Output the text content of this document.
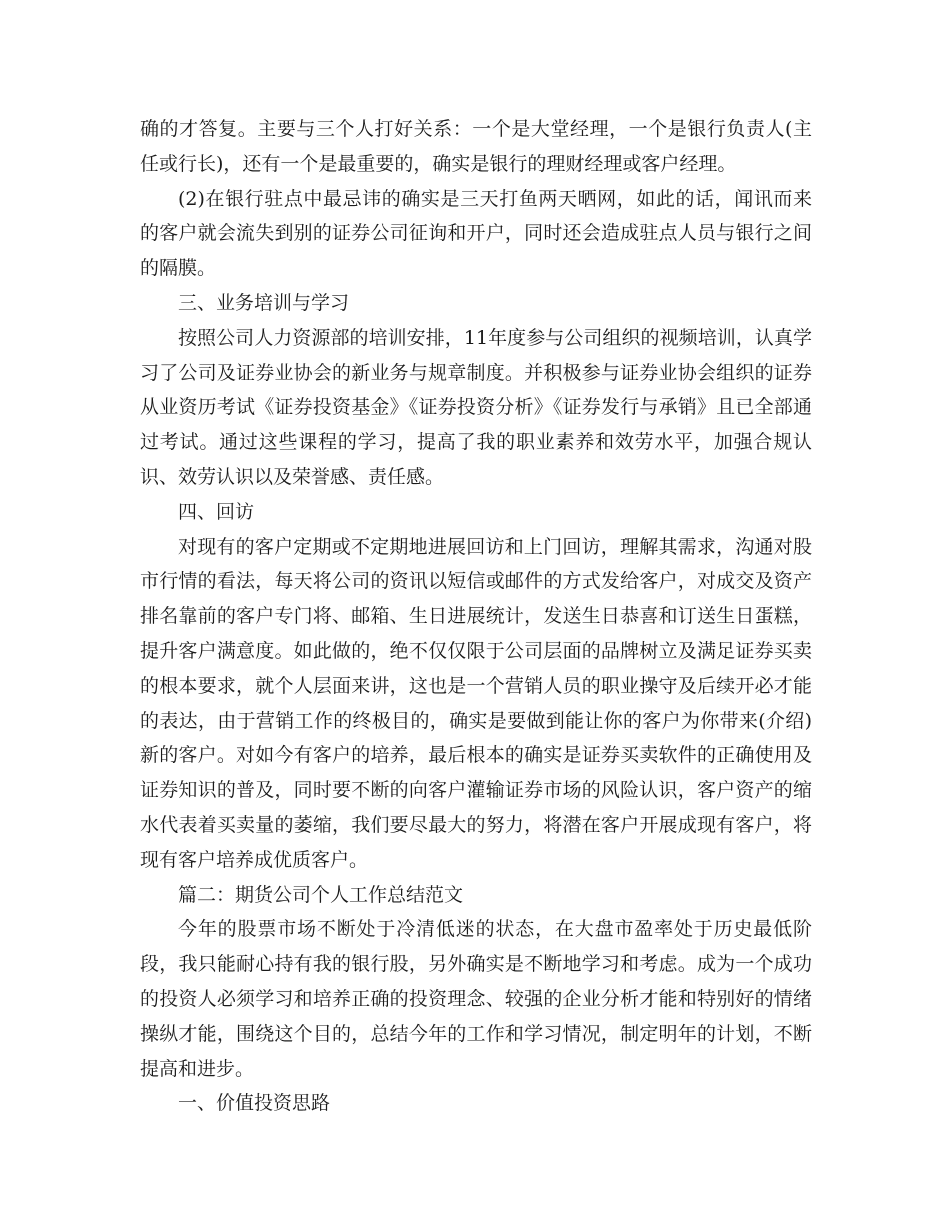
确的才答复。主要与三个人打好关系：一个是大堂经理，一个是银行负责人(主任或行长)，还有一个是最重要的，确实是银行的理财经理或客户经理。

(2)在银行驻点中最忌讳的确实是三天打鱼两天晒网，如此的话，闻讯而来的客户就会流失到别的证券公司征询和开户，同时还会造成驻点人员与银行之间的隔膜。

三、业务培训与学习

按照公司人力资源部的培训安排，11年度参与公司组织的视频培训，认真学习了公司及证券业协会的新业务与规章制度。并积极参与证券业协会组织的证券从业资历考试《证券投资基金》《证券投资分析》《证券发行与承销》且已全部通过考试。通过这些课程的学习，提高了我的职业素养和效劳水平，加强合规认识、效劳认识以及荣誉感、责任感。

四、回访

对现有的客户定期或不定期地进展回访和上门回访，理解其需求，沟通对股市行情的看法，每天将公司的资讯以短信或邮件的方式发给客户，对成交及资产排名靠前的客户专门将、邮箱、生日进展统计，发送生日恭喜和订送生日蛋糕，提升客户满意度。如此做的，绝不仅仅限于公司层面的品牌树立及满足证券买卖的根本要求，就个人层面来讲，这也是一个营销人员的职业操守及后续开必才能的表达，由于营销工作的终极目的，确实是要做到能让你的客户为你带来(介绍)新的客户。对如今有客户的培养，最后根本的确实是证券买卖软件的正确使用及证券知识的普及，同时要不断的向客户灌输证券市场的风险认识，客户资产的缩水代表着买卖量的萎缩，我们要尽最大的努力，将潜在客户开展成现有客户，将现有客户培养成优质客户。

篇二：期货公司个人工作总结范文

今年的股票市场不断处于冷清低迷的状态，在大盘市盈率处于历史最低阶段，我只能耐心持有我的银行股，另外确实是不断地学习和考虑。成为一个成功的投资人必须学习和培养正确的投资理念、较强的企业分析才能和特别好的情绪操纵才能，围绕这个目的，总结今年的工作和学习情况，制定明年的计划，不断提高和进步。

一、价值投资思路
